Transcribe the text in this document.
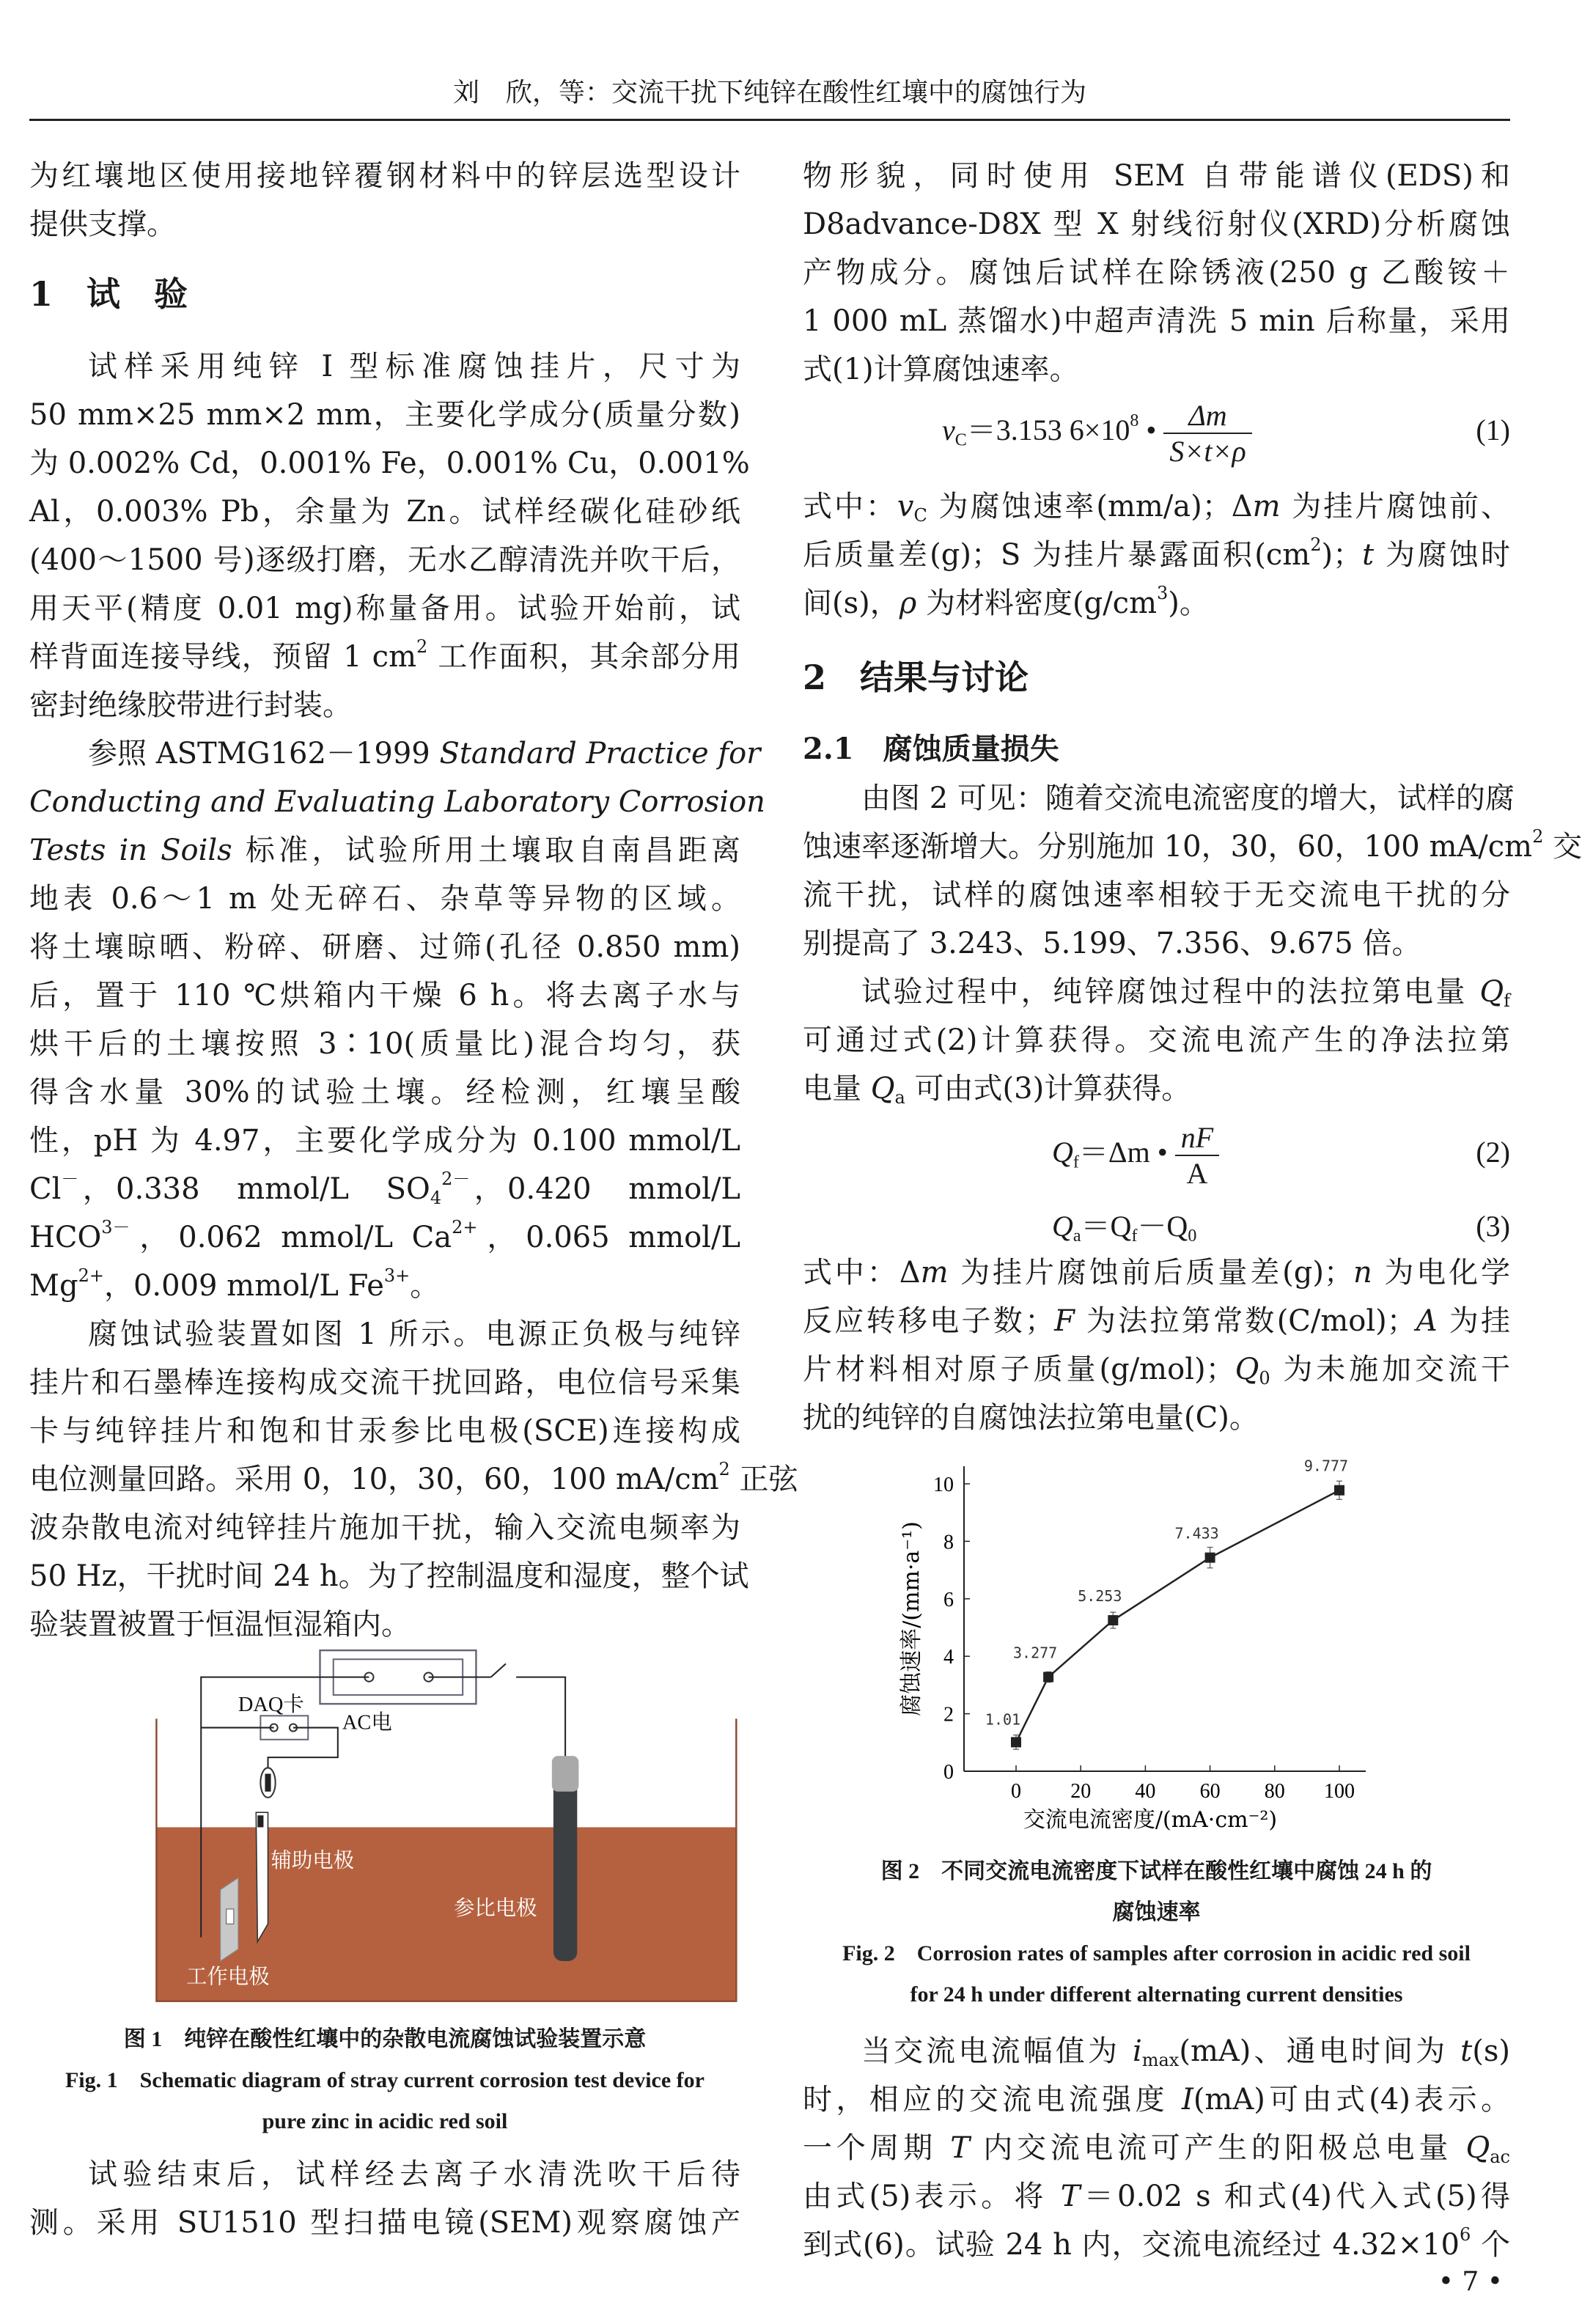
刘　欣，等：交流干扰下纯锌在酸性红壤中的腐蚀行为
为红壤地区使用接地锌覆钢材料中的锌层选型设计
提供支撑。
1　试　验
试样采用纯锌 I 型标准腐蚀挂片，尺寸为
50 mm×25 mm×2 mm，主要化学成分(质量分数)
为 0.002% Cd，0.001% Fe，0.001% Cu，0.001%
Al，0.003% Pb，余量为 Zn。试样经碳化硅砂纸
(400～1500 号)逐级打磨，无水乙醇清洗并吹干后，
用天平(精度 0.01 mg)称量备用。试验开始前，试
样背面连接导线，预留 1 $cm^2$ 工作面积，其余部分用
密封绝缘胶带进行封装。
参照 ASTMG162－1999 Standard Practice for
Conducting and Evaluating Laboratory Corrosion
Tests in Soils 标准，试验所用土壤取自南昌距离
地表 0.6～1 m 处无碎石、杂草等异物的区域。
将土壤晾晒、粉碎、研磨、过筛(孔径 0.850 mm)
后，置于 110 ℃烘箱内干燥 6 h。将去离子水与
烘干后的土壤按照 3∶10(质量比)混合均匀，获
得含水量 30%的试验土壤。经检测，红壤呈酸
性，pH 为 4.97，主要化学成分为 0.100 mmol/L
Cl－，0.338　mmol/L　$SO_4^{2-}$，0.420　mmol/L
$HCO^{3-}$，0.062 mmol/L $Ca^{2+}$，0.065 mmol/L
$Mg^{2+}$，0.009 mmol/L $Fe^{3+}$。
腐蚀试验装置如图 1 所示。电源正负极与纯锌
挂片和石墨棒连接构成交流干扰回路，电位信号采集
卡与纯锌挂片和饱和甘汞参比电极(SCE)连接构成
电位测量回路。采用 0，10，30，60，100 $mA/cm^2$ 正弦
波杂散电流对纯锌挂片施加干扰，输入交流电频率为
50 Hz，干扰时间 24 h。为了控制温度和湿度，整个试
验装置被置于恒温恒湿箱内。
DAQ卡
AC电
辅助电极
参比电极
工作电极
图 1　纯锌在酸性红壤中的杂散电流腐蚀试验装置示意
Fig. 1　Schematic diagram of stray current corrosion test device for
pure zinc in acidic red soil
试验结束后，试样经去离子水清洗吹干后待
测。采用 SU1510 型扫描电镜(SEM)观察腐蚀产
物形貌，同时使用 SEM 自带能谱仪(EDS)和
D8advance-D8X 型 X 射线衍射仪(XRD)分析腐蚀
产物成分。腐蚀后试样在除锈液(250 g 乙酸铵＋
1 000 mL 蒸馏水)中超声清洗 5 min 后称量，采用
式(1)计算腐蚀速率。
$v_C=3.153$ $6\times 10^8$ • $\frac{\Delta m}{S\times t\times\rho}$	(1)
式中：$v_C$ 为腐蚀速率(mm/a)；Δm 为挂片腐蚀前、
后质量差(g)；S 为挂片暴露面积$(cm^2)$；t 为腐蚀时
间(s)，ρ 为材料密度$(g/cm^3)$。
2　结果与讨论
2.1　腐蚀质量损失
由图 2 可见：随着交流电流密度的增大，试样的腐
蚀速率逐渐增大。分别施加 10，30，60，100 $mA/cm^2$ 交
流干扰，试样的腐蚀速率相较于无交流电干扰的分
别提高了 3.243、5.199、7.356、9.675 倍。
试验过程中，纯锌腐蚀过程中的法拉第电量 $Q_f$
可通过式(2)计算获得。交流电流产生的净法拉第
电量 $Q_a$ 可由式(3)计算获得。
$Q_f=\Delta m$ • $\frac{nF}{A}$	(2)
$Q_a=Q_f-Q_0$	(3)
式中：Δm 为挂片腐蚀前后质量差(g)；n 为电化学
反应转移电子数；F 为法拉第常数(C/mol)；A 为挂
片材料相对原子质量(g/mol)；$Q_0$ 为未施加交流干
扰的纯锌的自腐蚀法拉第电量(C)。
0 20 40 60 80 100
0
2
4
6
8
10
1.01
3.277
5.253
7.433
9.777
交流电流密度/(mA·cm⁻²)
腐蚀速率/(mm·a⁻¹)
图 2　不同交流电流密度下试样在酸性红壤中腐蚀 24 h 的
腐蚀速率
Fig. 2　Corrosion rates of samples after corrosion in acidic red soil
for 24 h under different alternating current densities
当交流电流幅值为 $i_{max}(mA)$、通电时间为 t(s)
时，相应的交流电流强度 I(mA)可由式(4)表示。
一个周期 T 内交流电流可产生的阳极总电量 $Q_{ac}$
由式(5)表示。将 T＝0.02 s 和式(4)代入式(5)得
到式(6)。试验 24 h 内，交流电流经过 $4.32\times 10^6$ 个
• 7 •
